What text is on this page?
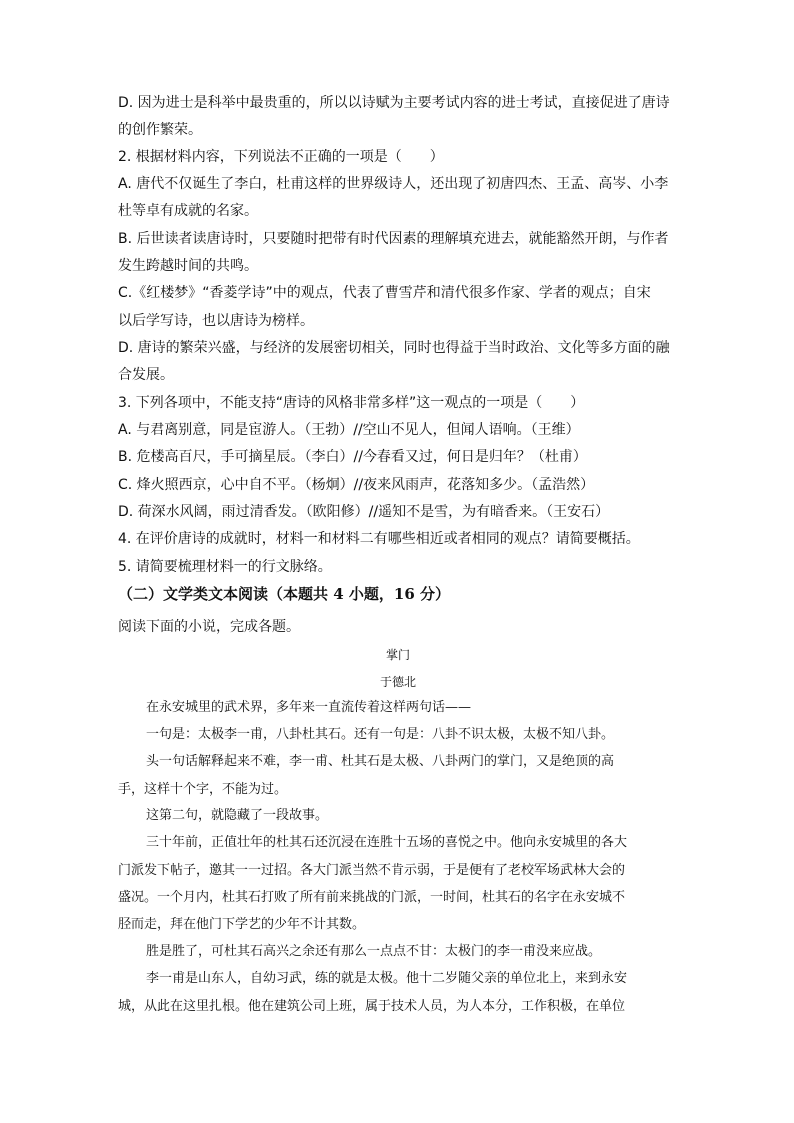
D. 因为进士是科举中最贵重的，所以以诗赋为主要考试内容的进士考试，直接促进了唐诗
的创作繁荣。
2. 根据材料内容，下列说法不正确的一项是（　　）
A. 唐代不仅诞生了李白，杜甫这样的世界级诗人，还出现了初唐四杰、王孟、高岑、小李
杜等卓有成就的名家。
B. 后世读者读唐诗时，只要随时把带有时代因素的理解填充进去，就能豁然开朗，与作者
发生跨越时间的共鸣。
C.《红楼梦》“香菱学诗”中的观点，代表了曹雪芹和清代很多作家、学者的观点；自宋
以后学写诗，也以唐诗为榜样。
D. 唐诗的繁荣兴盛，与经济的发展密切相关，同时也得益于当时政治、文化等多方面的融
合发展。
3. 下列各项中，不能支持“唐诗的风格非常多样”这一观点的一项是（　　）
A. 与君离别意，同是宦游人。（王勃）//空山不见人，但闻人语响。（王维）
B. 危楼高百尺，手可摘星辰。（李白）//今春看又过，何日是归年？（杜甫）
C. 烽火照西京，心中自不平。（杨炯）//夜来风雨声，花落知多少。（孟浩然）
D. 荷深水风阔，雨过清香发。（欧阳修）//遥知不是雪，为有暗香来。（王安石）
4. 在评价唐诗的成就时，材料一和材料二有哪些相近或者相同的观点？请简要概括。
5. 请简要梳理材料一的行文脉络。
（二）文学类文本阅读（本题共 4 小题，16 分）
阅读下面的小说，完成各题。
掌门
于德北
在永安城里的武术界，多年来一直流传着这样两句话——
一句是：太极李一甫，八卦杜其石。还有一句是：八卦不识太极，太极不知八卦。
头一句话解释起来不难，李一甫、杜其石是太极、八卦两门的掌门，又是绝顶的高
手，这样十个字，不能为过。
这第二句，就隐藏了一段故事。
三十年前，正值壮年的杜其石还沉浸在连胜十五场的喜悦之中。他向永安城里的各大
门派发下帖子，邀其一一过招。各大门派当然不肯示弱，于是便有了老校军场武林大会的
盛况。一个月内，杜其石打败了所有前来挑战的门派，一时间，杜其石的名字在永安城不
胫而走，拜在他门下学艺的少年不计其数。
胜是胜了，可杜其石高兴之余还有那么一点点不甘：太极门的李一甫没来应战。
李一甫是山东人，自幼习武，练的就是太极。他十二岁随父亲的单位北上，来到永安
城，从此在这里扎根。他在建筑公司上班，属于技术人员，为人本分，工作积极，在单位
